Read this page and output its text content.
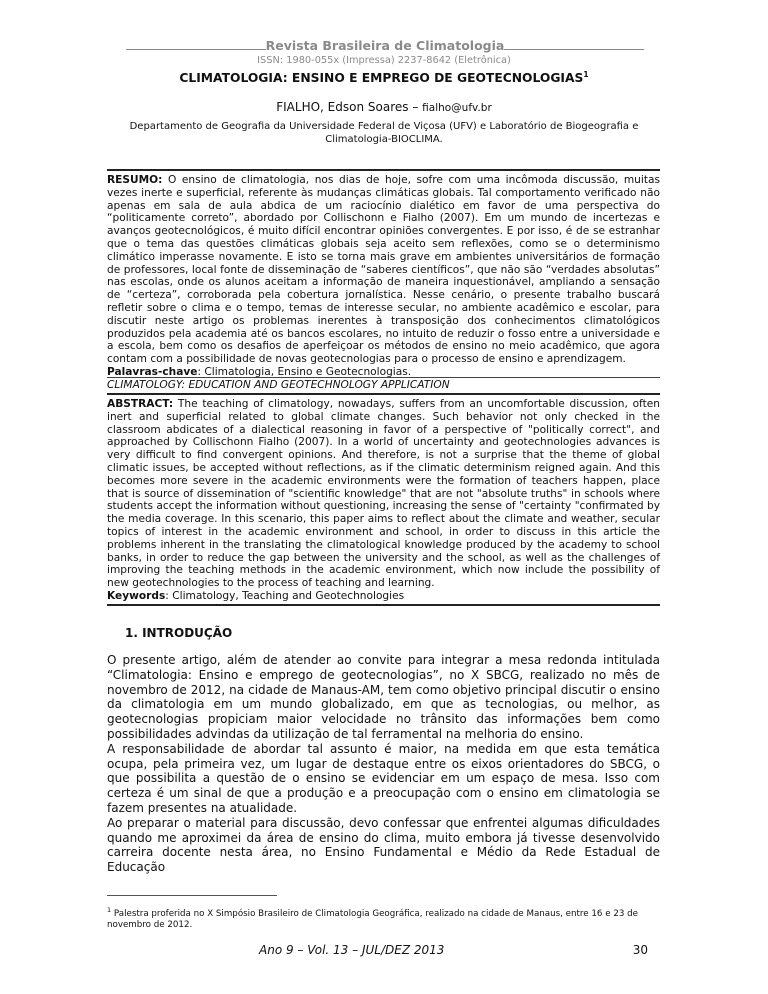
Revista Brasileira de Climatologia
ISSN: 1980-055x (Impressa) 2237-8642 (Eletrônica)
CLIMATOLOGIA: ENSINO E EMPREGO DE GEOTECNOLOGIAS$^1$
FIALHO, Edson Soares – fialho@ufv.br
Departamento de Geografia da Universidade Federal de Viçosa (UFV) e Laboratório de Biogeografia e Climatologia-BIOCLIMA.
RESUMO: O ensino de climatologia, nos dias de hoje, sofre com uma incômoda discussão, muitas vezes inerte e superficial, referente às mudanças climáticas globais. Tal comportamento verificado não apenas em sala de aula abdica de um raciocínio dialético em favor de uma perspectiva do “politicamente correto”, abordado por Collischonn e Fialho (2007). Em um mundo de incertezas e avanços geotecnológicos, é muito difícil encontrar opiniões convergentes. E por isso, é de se estranhar que o tema das questões climáticas globais seja aceito sem reflexões, como se o determinismo climático imperasse novamente. E isto se torna mais grave em ambientes universitários de formação de professores, local fonte de disseminação de “saberes científicos”, que não são “verdades absolutas” nas escolas, onde os alunos aceitam a informação de maneira inquestionável, ampliando a sensação de “certeza”, corroborada pela cobertura jornalística. Nesse cenário, o presente trabalho buscará refletir sobre o clima e o tempo, temas de interesse secular, no ambiente acadêmico e escolar, para discutir neste artigo os problemas inerentes à transposição dos conhecimentos climatológicos produzidos pela academia até os bancos escolares, no intuito de reduzir o fosso entre a universidade e a escola, bem como os desafios de aperfeiçoar os métodos de ensino no meio acadêmico, que agora contam com a possibilidade de novas geotecnologias para o processo de ensino e aprendizagem.
Palavras-chave: Climatologia, Ensino e Geotecnologias.
CLIMATOLOGY: EDUCATION AND GEOTECHNOLOGY APPLICATION
ABSTRACT: The teaching of climatology, nowadays, suffers from an uncomfortable discussion, often inert and superficial related to global climate changes. Such behavior not only checked in the classroom abdicates of a dialectical reasoning in favor of a perspective of "politically correct", and approached by Collischonn Fialho (2007). In a world of uncertainty and geotechnologies advances is very difficult to find convergent opinions. And therefore, is not a surprise that the theme of global climatic issues, be accepted without reflections, as if the climatic determinism reigned again. And this becomes more severe in the academic environments were the formation of teachers happen, place that is source of dissemination of "scientific knowledge" that are not "absolute truths" in schools where students accept the information without questioning, increasing the sense of "certainty "confirmated by the media coverage. In this scenario, this paper aims to reflect about the climate and weather, secular topics of interest in the academic environment and school, in order to discuss in this article the problems inherent in the translating the climatological knowledge produced by the academy to school banks, in order to reduce the gap between the university and the school, as well as the challenges of improving the teaching methods in the academic environment, which now include the possibility of new geotechnologies to the process of teaching and learning.
Keywords: Climatology, Teaching and Geotechnologies
1. INTRODUÇÃO

O presente artigo, além de atender ao convite para integrar a mesa redonda intitulada “Climatologia: Ensino e emprego de geotecnologias”, no X SBCG, realizado no mês de novembro de 2012, na cidade de Manaus-AM, tem como objetivo principal discutir o ensino da climatologia em um mundo globalizado, em que as tecnologias, ou melhor, as geotecnologias propiciam maior velocidade no trânsito das informações bem como possibilidades advindas da utilização de tal ferramental na melhoria do ensino.

A responsabilidade de abordar tal assunto é maior, na medida em que esta temática ocupa, pela primeira vez, um lugar de destaque entre os eixos orientadores do SBCG, o que possibilita a questão de o ensino se evidenciar em um espaço de mesa. Isso com certeza é um sinal de que a produção e a preocupação com o ensino em climatologia se fazem presentes na atualidade.

Ao preparar o material para discussão, devo confessar que enfrentei algumas dificuldades quando me aproximei da área de ensino do clima, muito embora já tivesse desenvolvido carreira docente nesta área, no Ensino Fundamental e Médio da Rede Estadual de Educação

$^1$ Palestra proferida no X Simpósio Brasileiro de Climatologia Geográfica, realizado na cidade de Manaus, entre 16 e 23 de novembro de 2012.
Ano 9 – Vol. 13 – JUL/DEZ 2013	30
